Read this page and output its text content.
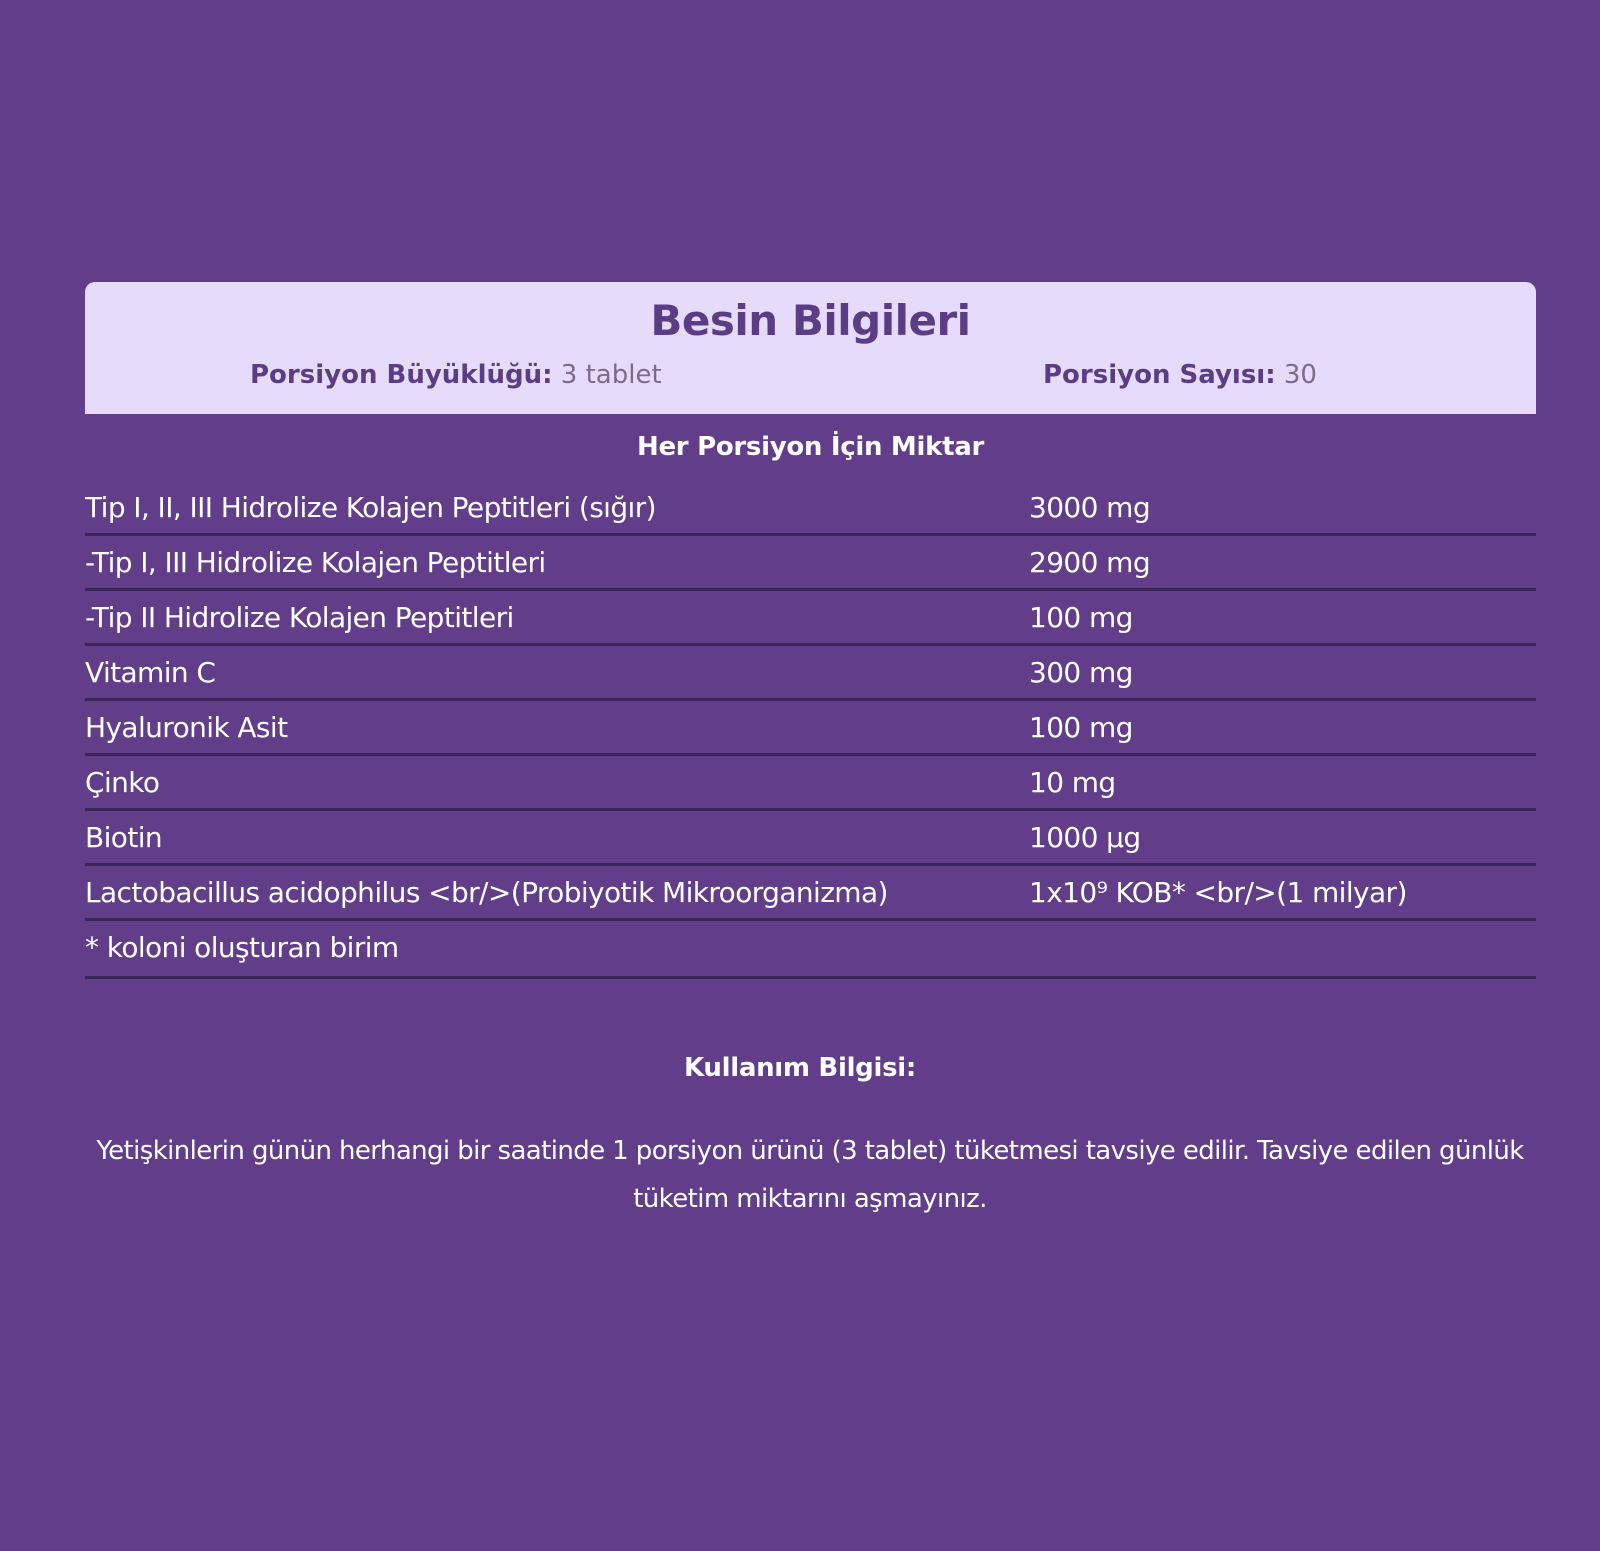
Besin Bilgileri
Porsiyon Büyüklüğü: 3 tablet	Porsiyon Sayısı: 30
Her Porsiyon İçin Miktar
Tip I, II, III Hidrolize Kolajen Peptitleri (sığır)	3000 mg
-Tip I, III Hidrolize Kolajen Peptitleri	2900 mg
-Tip II Hidrolize Kolajen Peptitleri	100 mg
Vitamin C	300 mg
Hyaluronik Asit	100 mg
Çinko	10 mg
Biotin	1000 µg
Lactobacillus acidophilus <br/>(Probiyotik Mikroorganizma)	1x10⁹ KOB* <br/>(1 milyar)
* koloni oluşturan birim
Kullanım Bilgisi:
Yetişkinlerin günün herhangi bir saatinde 1 porsiyon ürünü (3 tablet) tüketmesi tavsiye edilir. Tavsiye edilen günlük tüketim miktarını aşmayınız.
